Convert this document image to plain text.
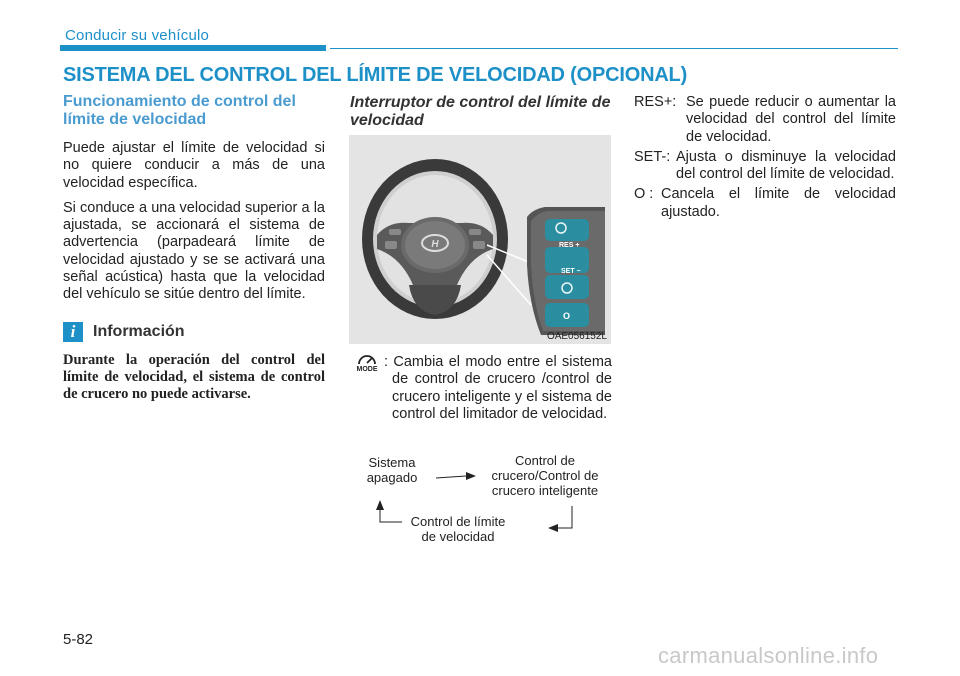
Conducir su vehículo
SISTEMA DEL CONTROL DEL LÍMITE DE VELOCIDAD (OPCIONAL)
Funcionamiento de control del límite de velocidad

Puede ajustar el límite de velocidad si no quiere conducir a más de una velocidad específica.

Si conduce a una velocidad superior a la ajustada, se accionará el sistema de advertencia (parpadeará límite de velocidad ajustado y se se activará una señal acústica) hasta que la velocidad del vehículo se sitúe dentro del límite.

i	Información

Durante la operación del control del límite de velocidad, el sistema de control de crucero no puede activarse.

Interruptor de control del límite de velocidad
H
OAE056152L
RES +
SET −
O
MODE : Cambia el modo entre el sistema de control de crucero /control de crucero inteligente y el sistema de control del limitador de velocidad.

Sistema apagado
Control de crucero/Control de crucero inteligente
Control de límite de velocidad
RES+: Se puede reducir o aumentar la velocidad del control del límite de velocidad.
SET-: Ajusta o disminuye la velocidad del control del límite de velocidad.
O : Cancela el límite de velocidad ajustado.
5-82
carmanualsonline.info
